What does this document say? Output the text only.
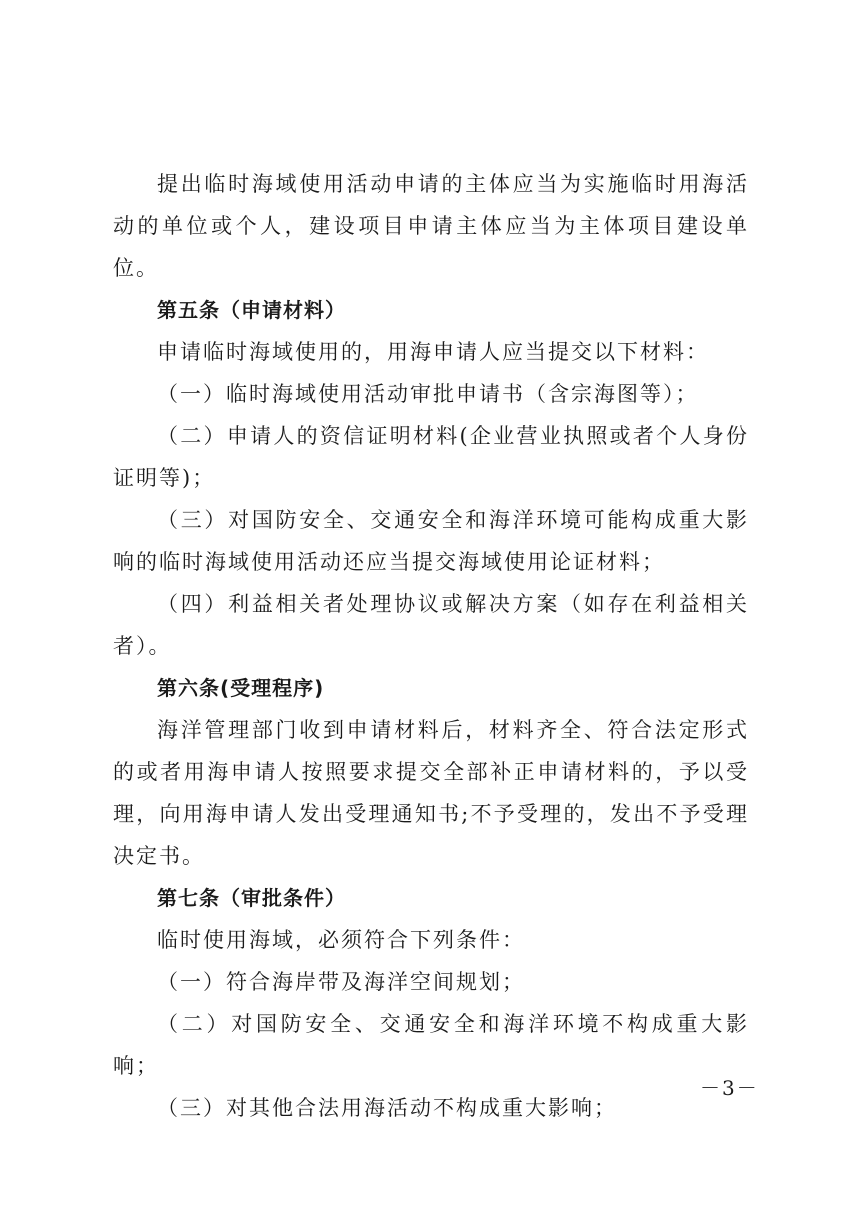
提出临时海域使用活动申请的主体应当为实施临时用海活动的单位或个人，建设项目申请主体应当为主体项目建设单位。

第五条（申请材料）

申请临时海域使用的，用海申请人应当提交以下材料：

（一）临时海域使用活动审批申请书（含宗海图等）；

（二）申请人的资信证明材料(企业营业执照或者个人身份证明等)；

（三）对国防安全、交通安全和海洋环境可能构成重大影响的临时海域使用活动还应当提交海域使用论证材料；

（四）利益相关者处理协议或解决方案（如存在利益相关者）。

第六条(受理程序)

海洋管理部门收到申请材料后，材料齐全、符合法定形式的或者用海申请人按照要求提交全部补正申请材料的，予以受理，向用海申请人发出受理通知书;不予受理的，发出不予受理决定书。

第七条（审批条件）

临时使用海域，必须符合下列条件：

（一）符合海岸带及海洋空间规划；

（二）对国防安全、交通安全和海洋环境不构成重大影响；

（三）对其他合法用海活动不构成重大影响；

－3－
